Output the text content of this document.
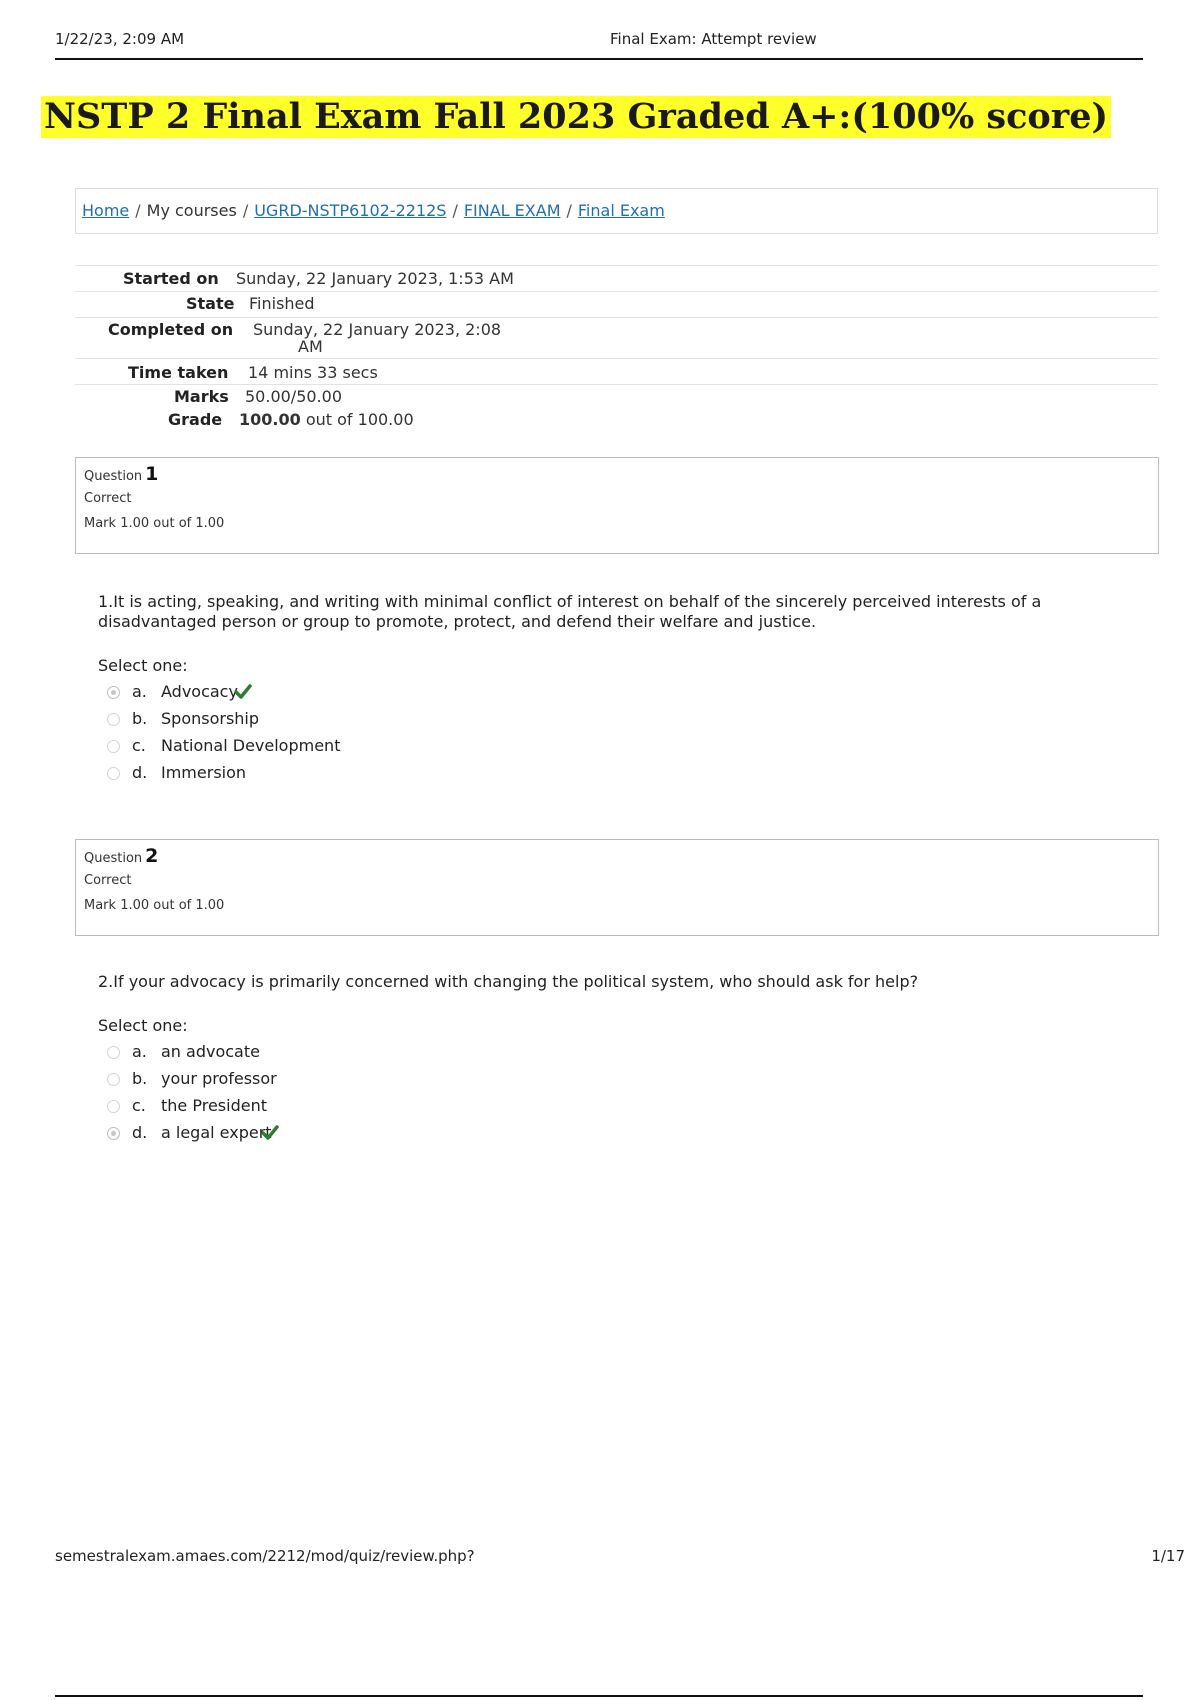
1/22/23, 2:09 AM	Final Exam: Attempt review
NSTP 2 Final Exam Fall 2023 Graded A+:(100% score)
Home / My courses / UGRD-NSTP6102-2212S / FINAL EXAM / Final Exam
Started on Sunday, 22 January 2023, 1:53 AM
State Finished
Completed on Sunday, 22 January 2023, 2:08
AM
Time taken 14 mins 33 secs
Marks 50.00/50.00
Grade 100.00 out of 100.00
Question 1
Correct
Mark 1.00 out of 1.00
1.It is acting, speaking, and writing with minimal conflict of interest on behalf of the sincerely perceived interests of a disadvantaged person or group to promote, protect, and defend their welfare and justice.
Select one:
a. Advocacy
b. Sponsorship
c. National Development
d. Immersion
Question 2
Correct
Mark 1.00 out of 1.00
2.If your advocacy is primarily concerned with changing the political system, who should ask for help?
Select one:
a. an advocate
b. your professor
c. the President
d. a legal expert
semestralexam.amaes.com/2212/mod/quiz/review.php?	1/17
